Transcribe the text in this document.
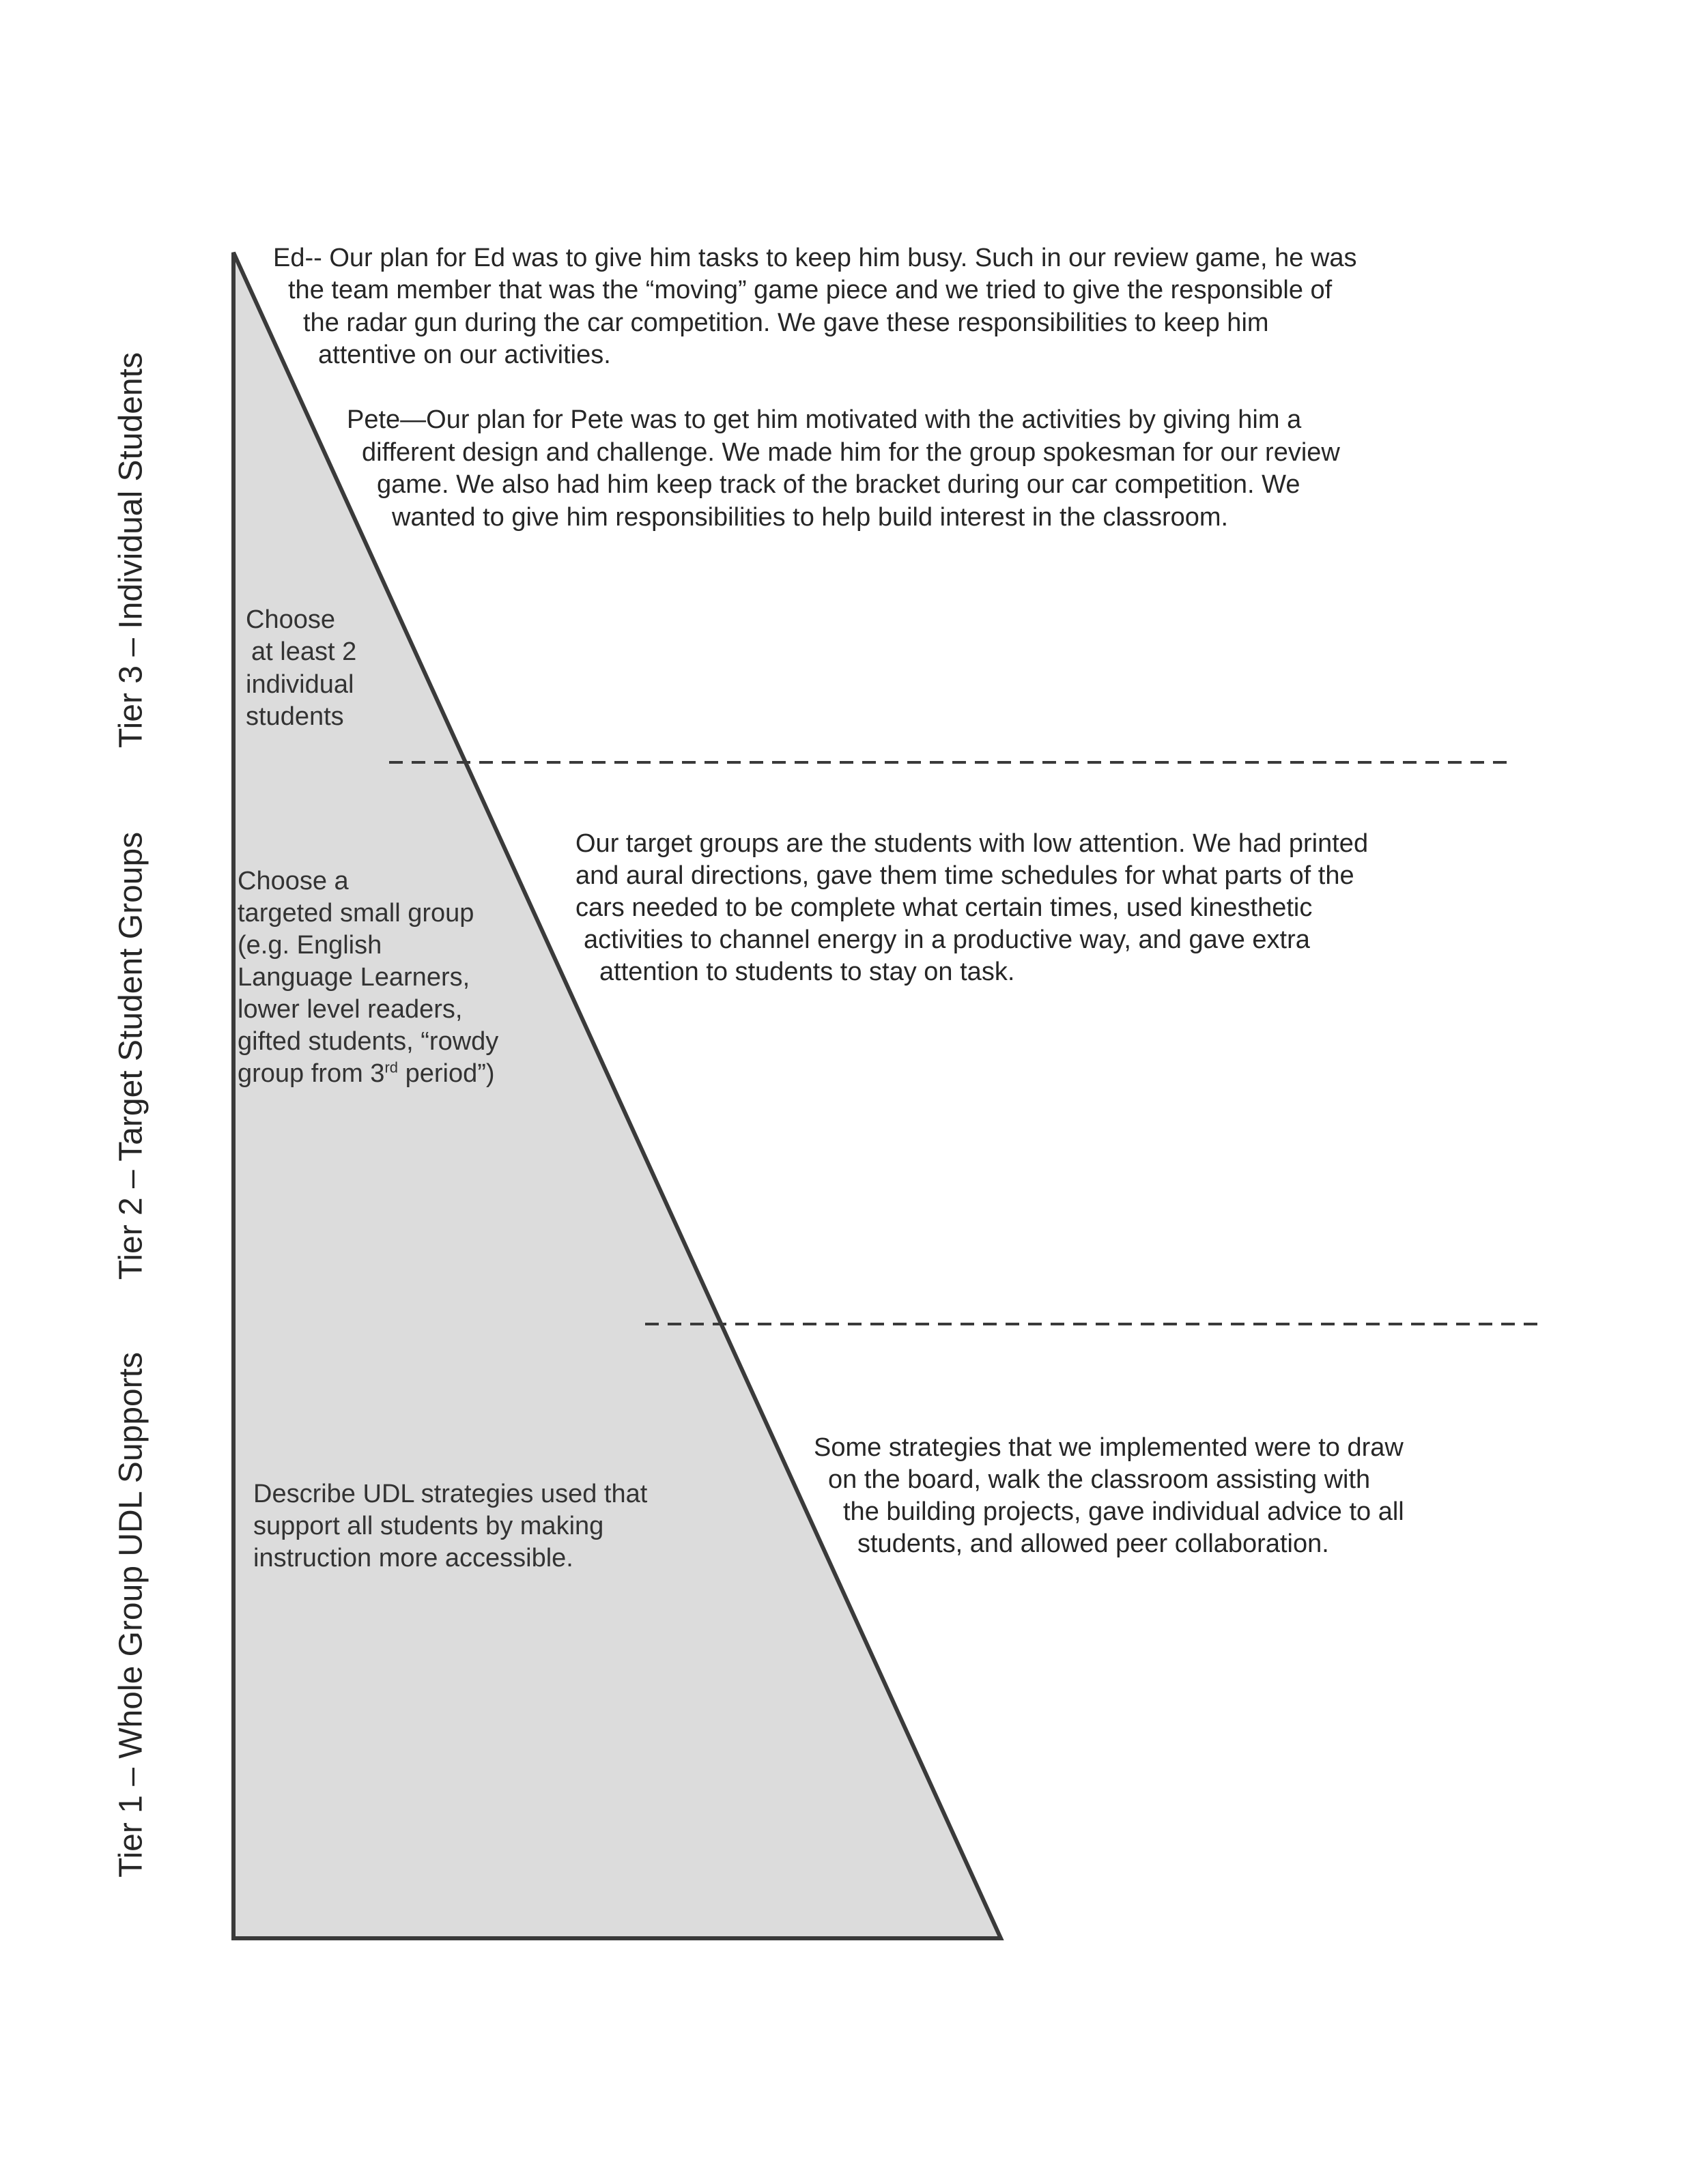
Tier 3 – Individual Students
Tier 2 – Target Student Groups
Tier 1 – Whole Group UDL Supports
Ed-- Our plan for Ed was to give him tasks to keep him busy. Such in our review game, he was
the team member that was the “moving” game piece and we tried to give the responsible of
the radar gun during the car competition. We gave these responsibilities to keep him
attentive on our activities.
Pete—Our plan for Pete was to get him motivated with the activities by giving him a
different design and challenge. We made him for the group spokesman for our review
game. We also had him keep track of the bracket during our car competition. We
wanted to give him responsibilities to help build interest in the classroom.
Choose
at least 2
individual
students
Choose a
targeted small group
(e.g. English
Language Learners,
lower level readers,
gifted students, “rowdy
group from 3rd period”)
Our target groups are the students with low attention. We had printed
and aural directions, gave them time schedules for what parts of the
cars needed to be complete what certain times, used kinesthetic
activities to channel energy in a productive way, and gave extra
attention to students to stay on task.
Describe UDL strategies used that
support all students by making
instruction more accessible.
Some strategies that we implemented were to draw
on the board, walk the classroom assisting with
the building projects, gave individual advice to all
students, and allowed peer collaboration.
